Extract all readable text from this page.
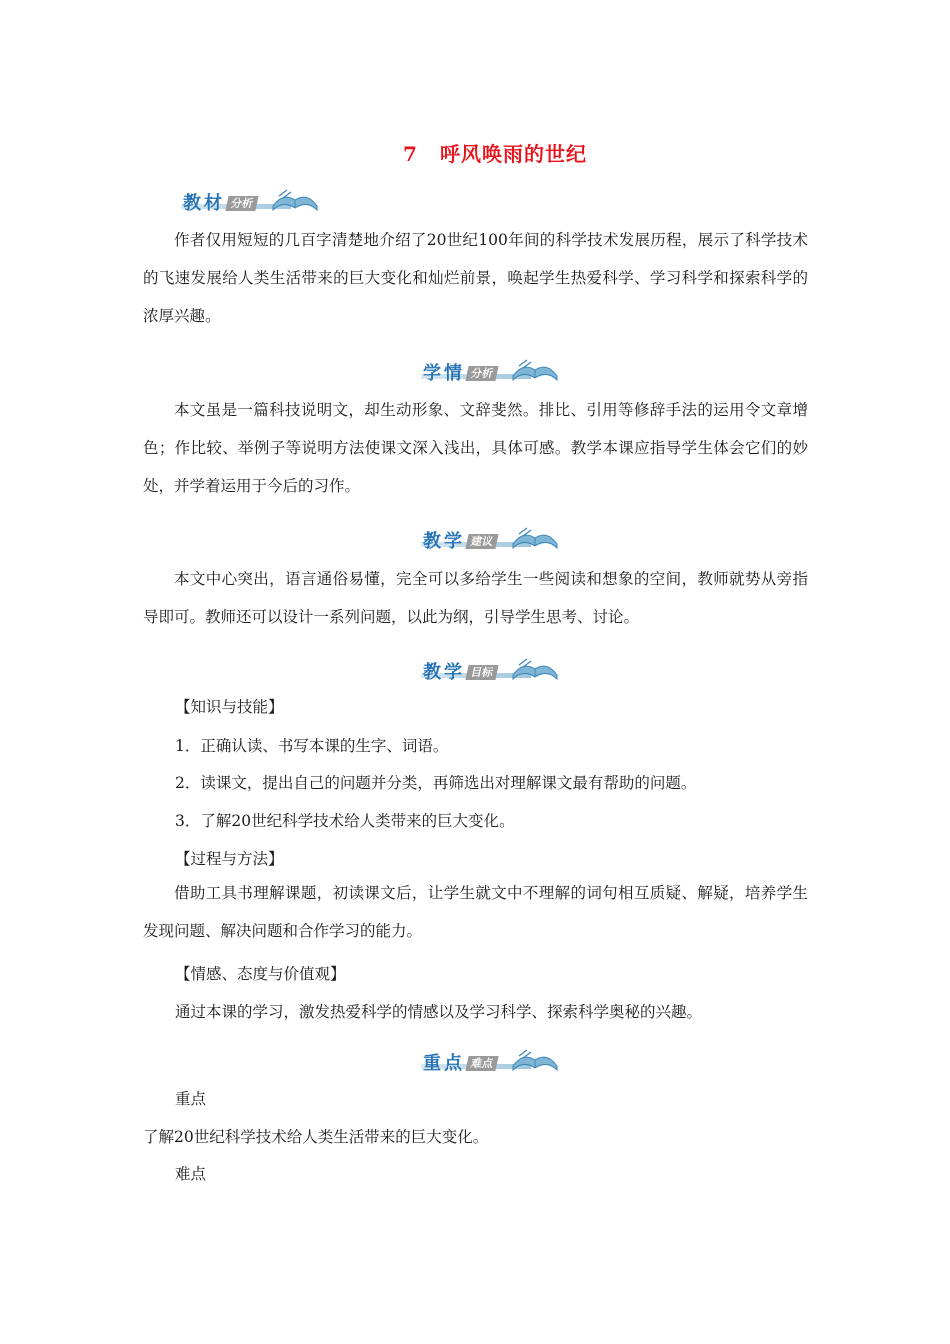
7 呼风唤雨的世纪
教材 分析

作者仅用短短的几百字清楚地介绍了20世纪100年间的科学技术发展历程，展示了科学技术的飞速发展给人类生活带来的巨大变化和灿烂前景，唤起学生热爱科学、学习科学和探索科学的浓厚兴趣。

学情 分析

本文虽是一篇科技说明文，却生动形象、文辞斐然。排比、引用等修辞手法的运用令文章增色；作比较、举例子等说明方法使课文深入浅出，具体可感。教学本课应指导学生体会它们的妙处，并学着运用于今后的习作。

教学 建议

本文中心突出，语言通俗易懂，完全可以多给学生一些阅读和想象的空间，教师就势从旁指导即可。教师还可以设计一系列问题，以此为纲，引导学生思考、讨论。

教学 目标
【知识与技能】
1．正确认读、书写本课的生字、词语。
2．读课文，提出自己的问题并分类，再筛选出对理解课文最有帮助的问题。
3．了解20世纪科学技术给人类带来的巨大变化。
【过程与方法】

借助工具书理解课题，初读课文后，让学生就文中不理解的词句相互质疑、解疑，培养学生发现问题、解决问题和合作学习的能力。

【情感、态度与价值观】
通过本课的学习，激发热爱科学的情感以及学习科学、探索科学奥秘的兴趣。
重点 难点
重点
了解20世纪科学技术给人类生活带来的巨大变化。
难点
